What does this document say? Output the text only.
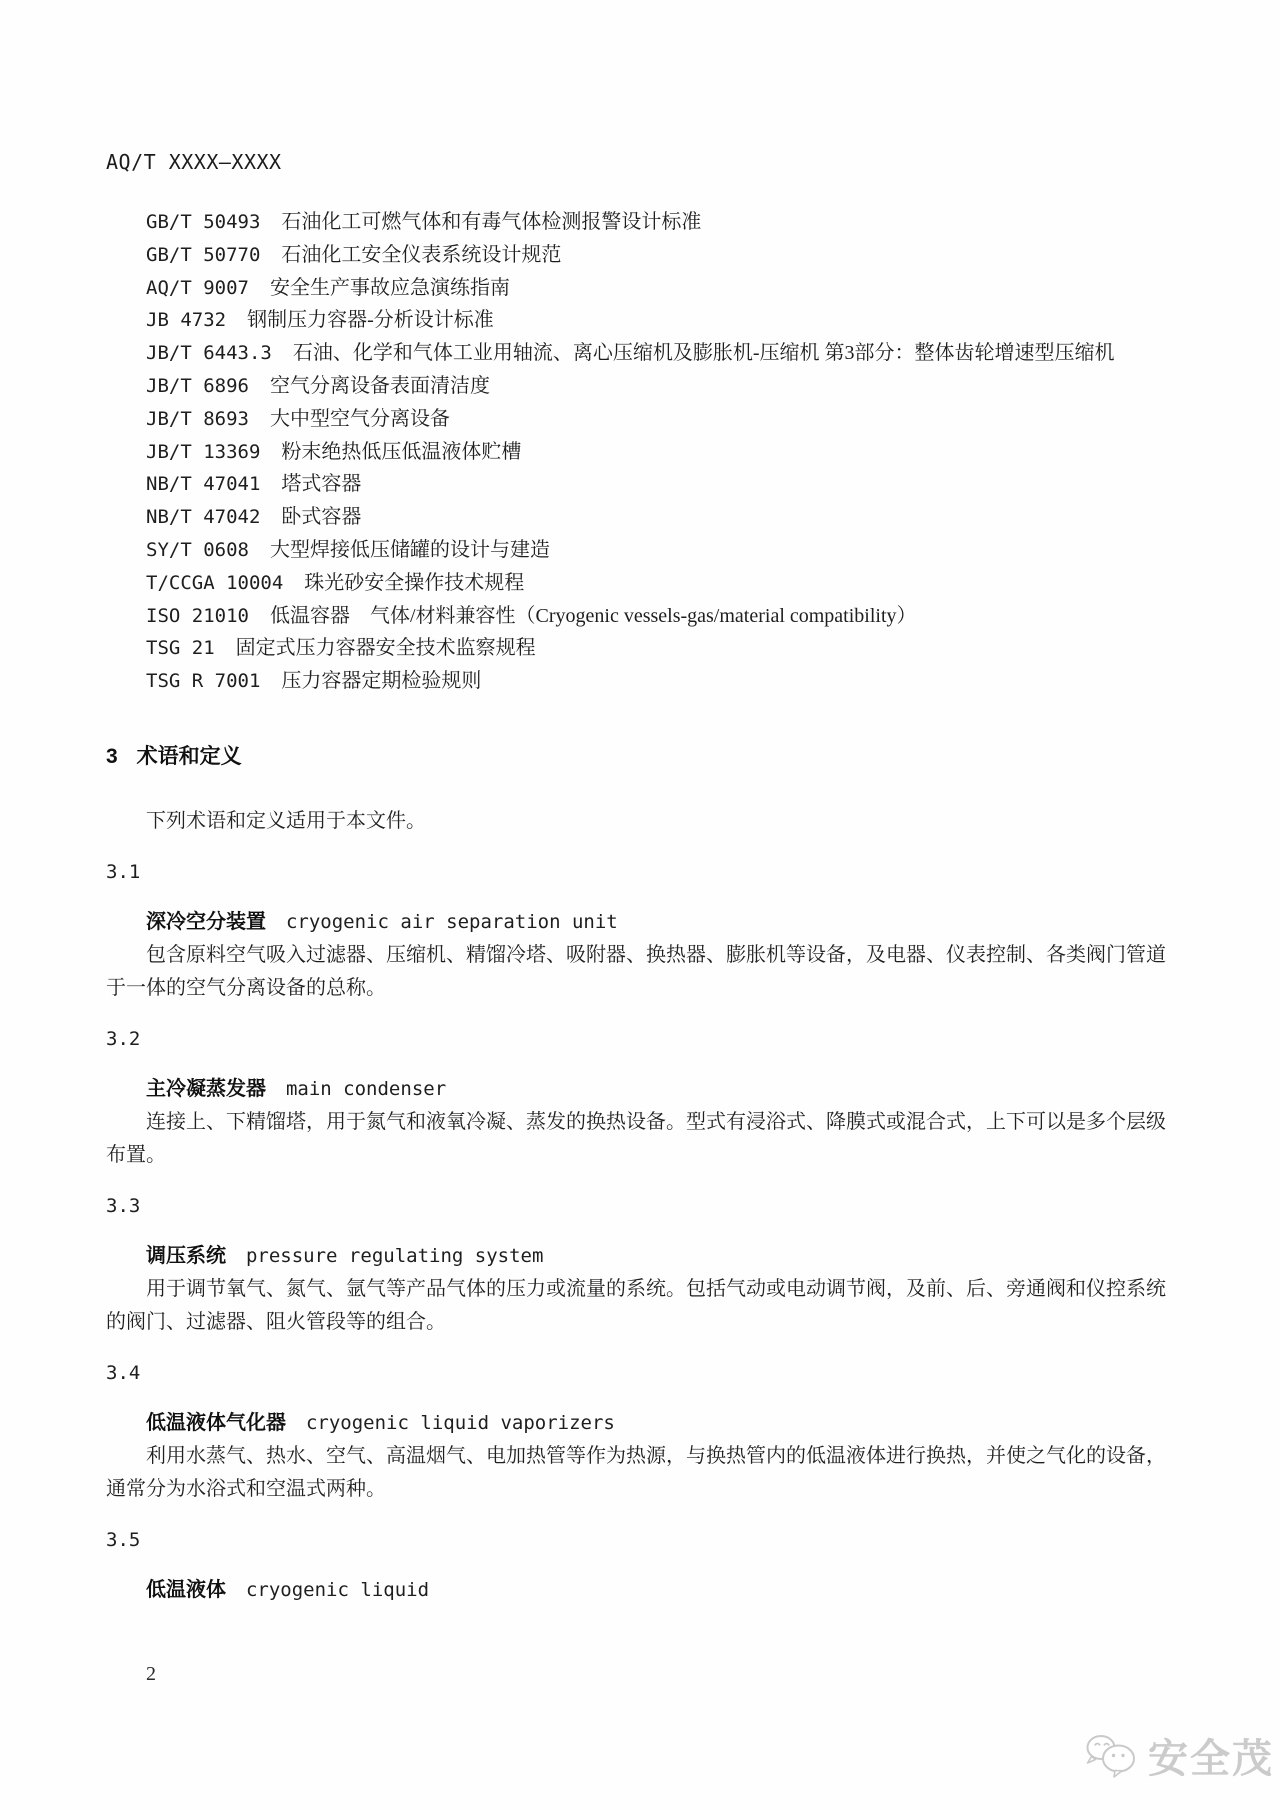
AQ/T XXXX—XXXX
GB/T 50493 石油化工可燃气体和有毒气体检测报警设计标准
GB/T 50770 石油化工安全仪表系统设计规范
AQ/T 9007 安全生产事故应急演练指南
JB 4732 钢制压力容器-分析设计标准
JB/T 6443.3 石油、化学和气体工业用轴流、离心压缩机及膨胀机-压缩机 第3部分：整体齿轮增速型压缩机
JB/T 6896 空气分离设备表面清洁度
JB/T 8693 大中型空气分离设备
JB/T 13369 粉末绝热低压低温液体贮槽
NB/T 47041 塔式容器
NB/T 47042 卧式容器
SY/T 0608 大型焊接低压储罐的设计与建造
T/CCGA 10004 珠光砂安全操作技术规程
ISO 21010 低温容器　气体/材料兼容性（Cryogenic vessels-gas/material compatibility）
TSG 21 固定式压力容器安全技术监察规程
TSG R 7001 压力容器定期检验规则
3 术语和定义

下列术语和定义适用于本文件。

3.1
深冷空分装置 cryogenic air separation unit

包含原料空气吸入过滤器、压缩机、精馏冷塔、吸附器、换热器、膨胀机等设备，及电器、仪表控制、各类阀门管道于一体的空气分离设备的总称。

3.2
主冷凝蒸发器 main condenser

连接上、下精馏塔，用于氮气和液氧冷凝、蒸发的换热设备。型式有浸浴式、降膜式或混合式，上下可以是多个层级布置。

3.3
调压系统 pressure regulating system

用于调节氧气、氮气、氩气等产品气体的压力或流量的系统。包括气动或电动调节阀，及前、后、旁通阀和仪控系统的阀门、过滤器、阻火管段等的组合。

3.4
低温液体气化器 cryogenic liquid vaporizers

利用水蒸气、热水、空气、高温烟气、电加热管等作为热源，与换热管内的低温液体进行换热，并使之气化的设备，通常分为水浴式和空温式两种。

3.5
低温液体 cryogenic liquid
2
安全茂
